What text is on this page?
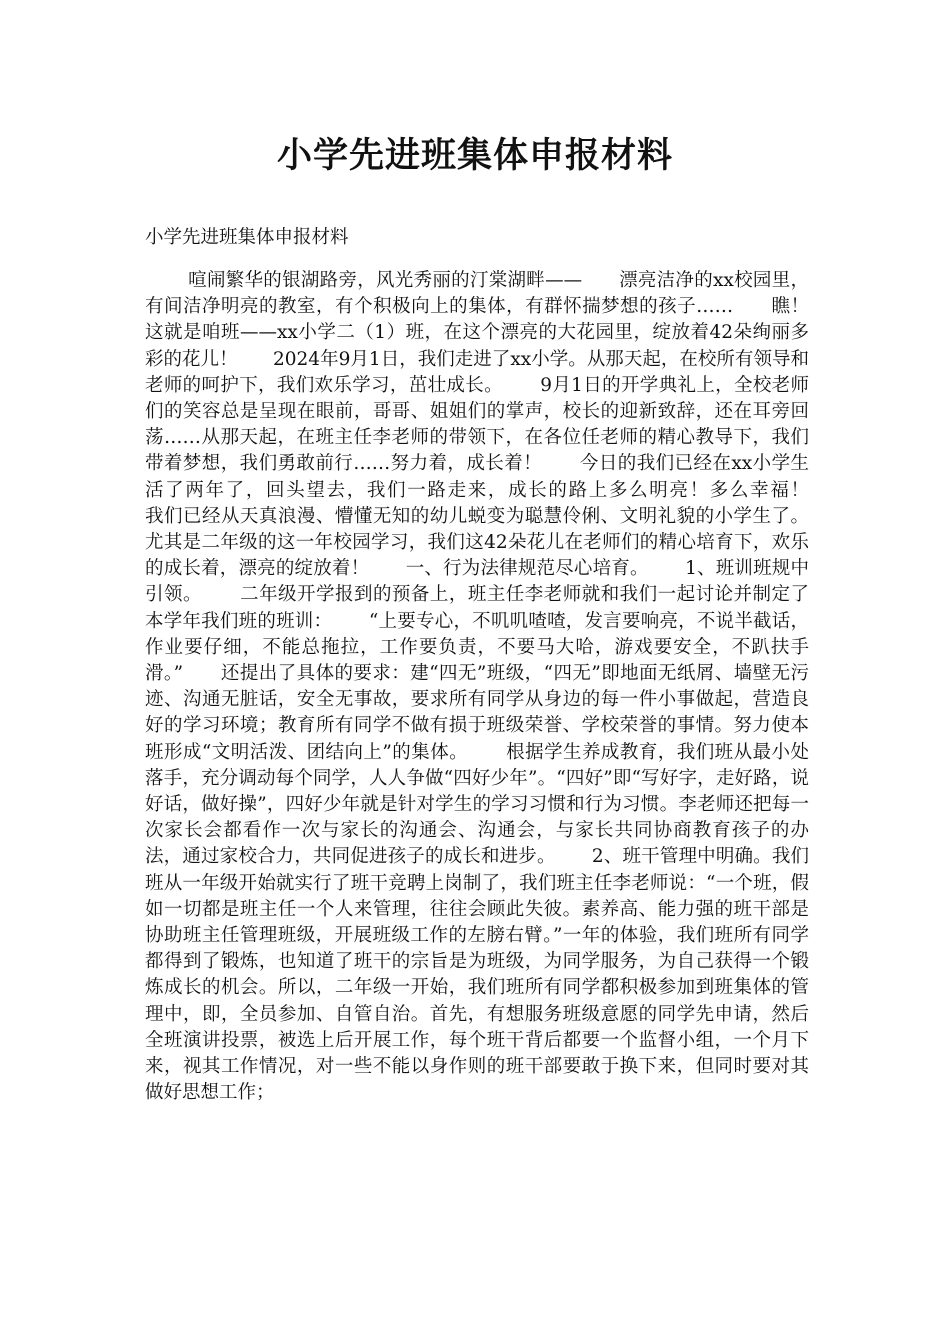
小学先进班集体申报材料

小学先进班集体申报材料

喧闹繁华的银湖路旁，风光秀丽的汀棠湖畔——      漂亮洁净的xx校园里，有间洁净明亮的教室，有个积极向上的集体，有群怀揣梦想的孩子……      瞧！这就是咱班——xx小学二（1）班，在这个漂亮的大花园里，绽放着42朵绚丽多彩的花儿！      2024年9月1日，我们走进了xx小学。从那天起，在校所有领导和老师的呵护下，我们欢乐学习，茁壮成长。      9月1日的开学典礼上，全校老师们的笑容总是呈现在眼前，哥哥、姐姐们的掌声，校长的迎新致辞，还在耳旁回荡……从那天起，在班主任李老师的带领下，在各位任老师的精心教导下，我们带着梦想，我们勇敢前行……努力着，成长着！      今日的我们已经在xx小学生活了两年了，回头望去，我们一路走来，成长的路上多么明亮！多么幸福！      我们已经从天真浪漫、懵懂无知的幼儿蜕变为聪慧伶俐、文明礼貌的小学生了。尤其是二年级的这一年校园学习，我们这42朵花儿在老师们的精心培育下，欢乐的成长着，漂亮的绽放着！      一、行为法律规范尽心培育。      1、班训班规中引领。      二年级开学报到的预备上，班主任李老师就和我们一起讨论并制定了本学年我们班的班训：      “上要专心，不叽叽喳喳，发言要响亮，不说半截话，作业要仔细，不能总拖拉，工作要负责，不要马大哈，游戏要安全，不趴扶手滑。”      还提出了具体的要求：建“四无”班级，“四无”即地面无纸屑、墙壁无污迹、沟通无脏话，安全无事故，要求所有同学从身边的每一件小事做起，营造良好的学习环境；教育所有同学不做有损于班级荣誉、学校荣誉的事情。努力使本班形成“文明活泼、团结向上”的集体。      根据学生养成教育，我们班从最小处落手，充分调动每个同学，人人争做“四好少年”。“四好”即“写好字，走好路，说好话，做好操”，四好少年就是针对学生的学习习惯和行为习惯。李老师还把每一次家长会都看作一次与家长的沟通会、沟通会，与家长共同协商教育孩子的办法，通过家校合力，共同促进孩子的成长和进步。      2、班干管理中明确。我们班从一年级开始就实行了班干竞聘上岗制了，我们班主任李老师说：“一个班，假如一切都是班主任一个人来管理，往往会顾此失彼。素养高、能力强的班干部是协助班主任管理班级，开展班级工作的左膀右臂。”一年的体验，我们班所有同学都得到了锻炼，也知道了班干的宗旨是为班级，为同学服务，为自己获得一个锻炼成长的机会。所以，二年级一开始，我们班所有同学都积极参加到班集体的管理中，即，全员参加、自管自治。首先，有想服务班级意愿的同学先申请，然后全班演讲投票，被选上后开展工作，每个班干背后都要一个监督小组，一个月下来，视其工作情况，对一些不能以身作则的班干部要敢于换下来，但同时要对其做好思想工作；
